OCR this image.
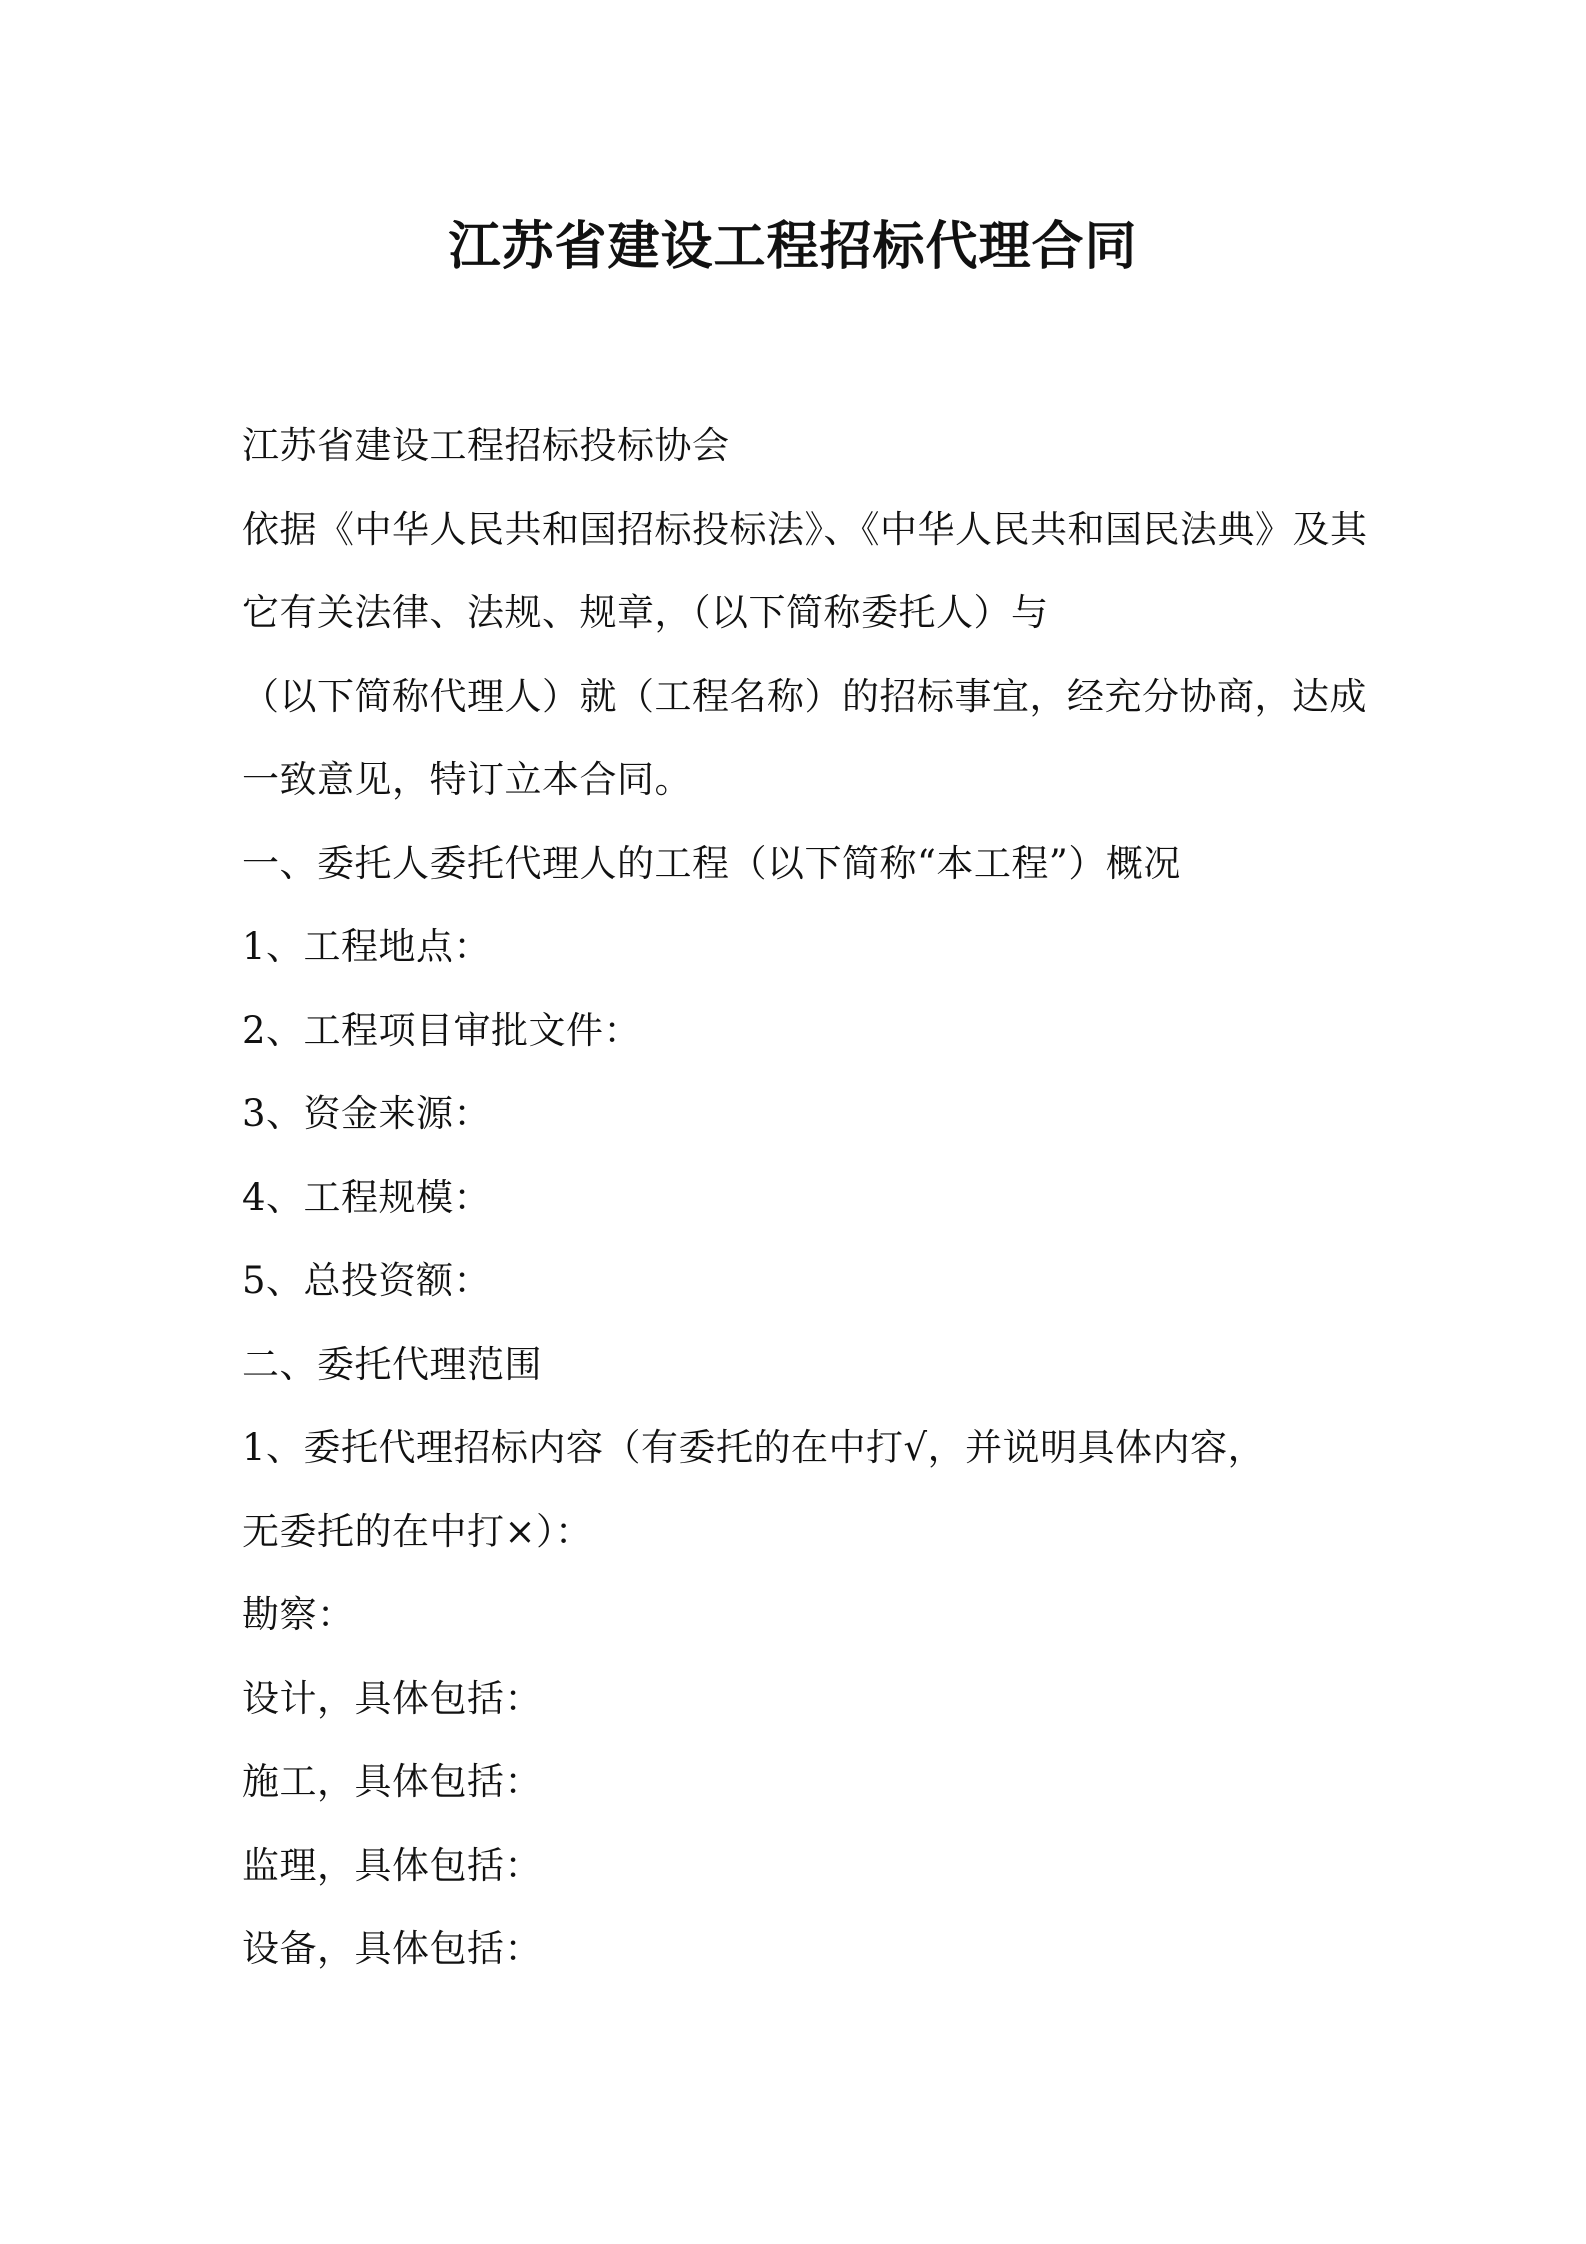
江苏省建设工程招标代理合同
江苏省建设工程招标投标协会
依据《中华人民共和国招标投标法》、《中华人民共和国民法典》及其
它有关法律、法规、规章，（以下简称委托人）与
（以下简称代理人）就（工程名称）的招标事宜，经充分协商，达成
一致意见，特订立本合同。
一、委托人委托代理人的工程（以下简称“本工程”）概况
1、工程地点：
2、工程项目审批文件：
3、资金来源：
4、工程规模：
5、总投资额：
二、委托代理范围
1、委托代理招标内容（有委托的在中打√，并说明具体内容，
无委托的在中打×）：
勘察：
设计，具体包括：
施工，具体包括：
监理，具体包括：
设备，具体包括：
